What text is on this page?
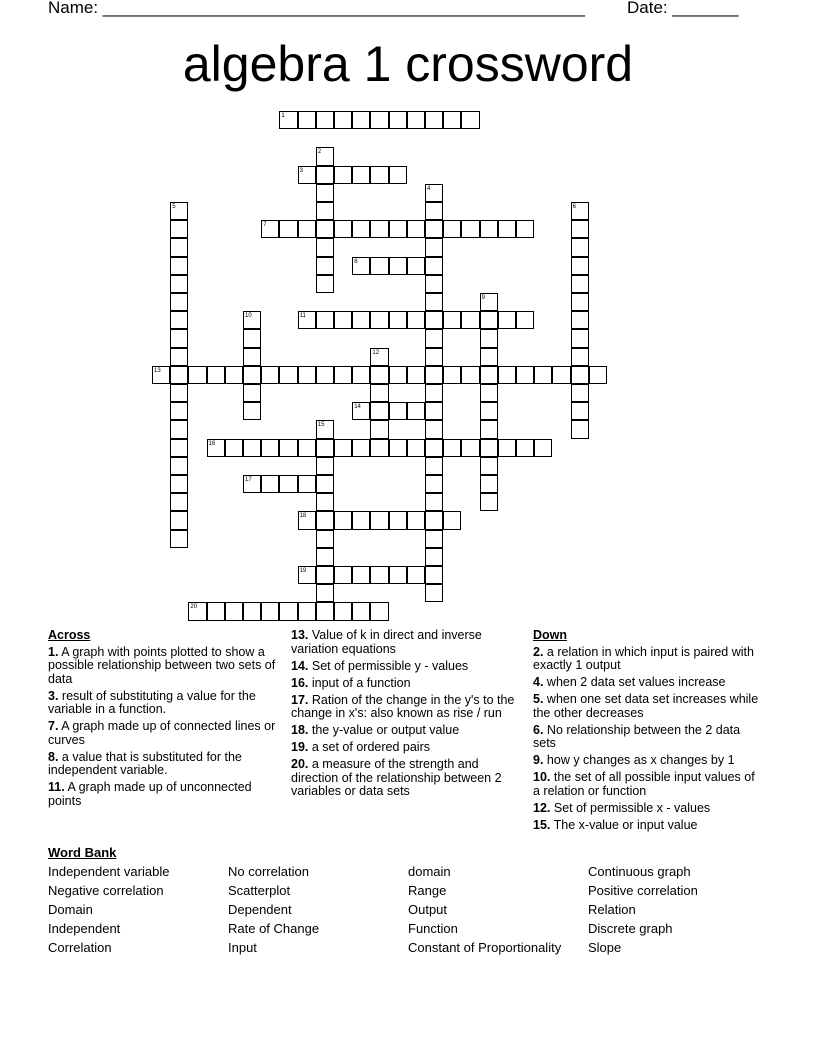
Name: ___________________________________________________ Date: _______
algebra 1 crossword
1
2
3
4
5	6
7
8
9
10	11
12
13
14
15
16
17
18
19
20
Across
1. A graph with points plotted to show a possible relationship between two sets of data
3. result of substituting a value for the variable in a function.
7. A graph made up of connected lines or curves
8. a value that is substituted for the independent variable.
11. A graph made up of unconnected points
13. Value of k in direct and inverse variation equations
14. Set of permissible y - values
16. input of a function
17. Ration of the change in the y's to the change in x's: also known as rise / run
18. the y-value or output value
19. a set of ordered pairs
20. a measure of the strength and direction of the relationship between 2 variables or data sets
Down
2. a relation in which input is paired with exactly 1 output
4. when 2 data set values increase
5. when one set data set increases while the other decreases
6. No relationship between the 2 data sets
9. how y changes as x changes by 1
10. the set of all possible input values of a relation or function
12. Set of permissible x - values
15. The x-value or input value
Word Bank
Independent variable	No correlation	domain	Continuous graph
Negative correlation	Scatterplot	Range	Positive correlation
Domain	Dependent	Output	Relation
Independent	Rate of Change	Function	Discrete graph
Correlation	Input	Constant of Proportionality	Slope
